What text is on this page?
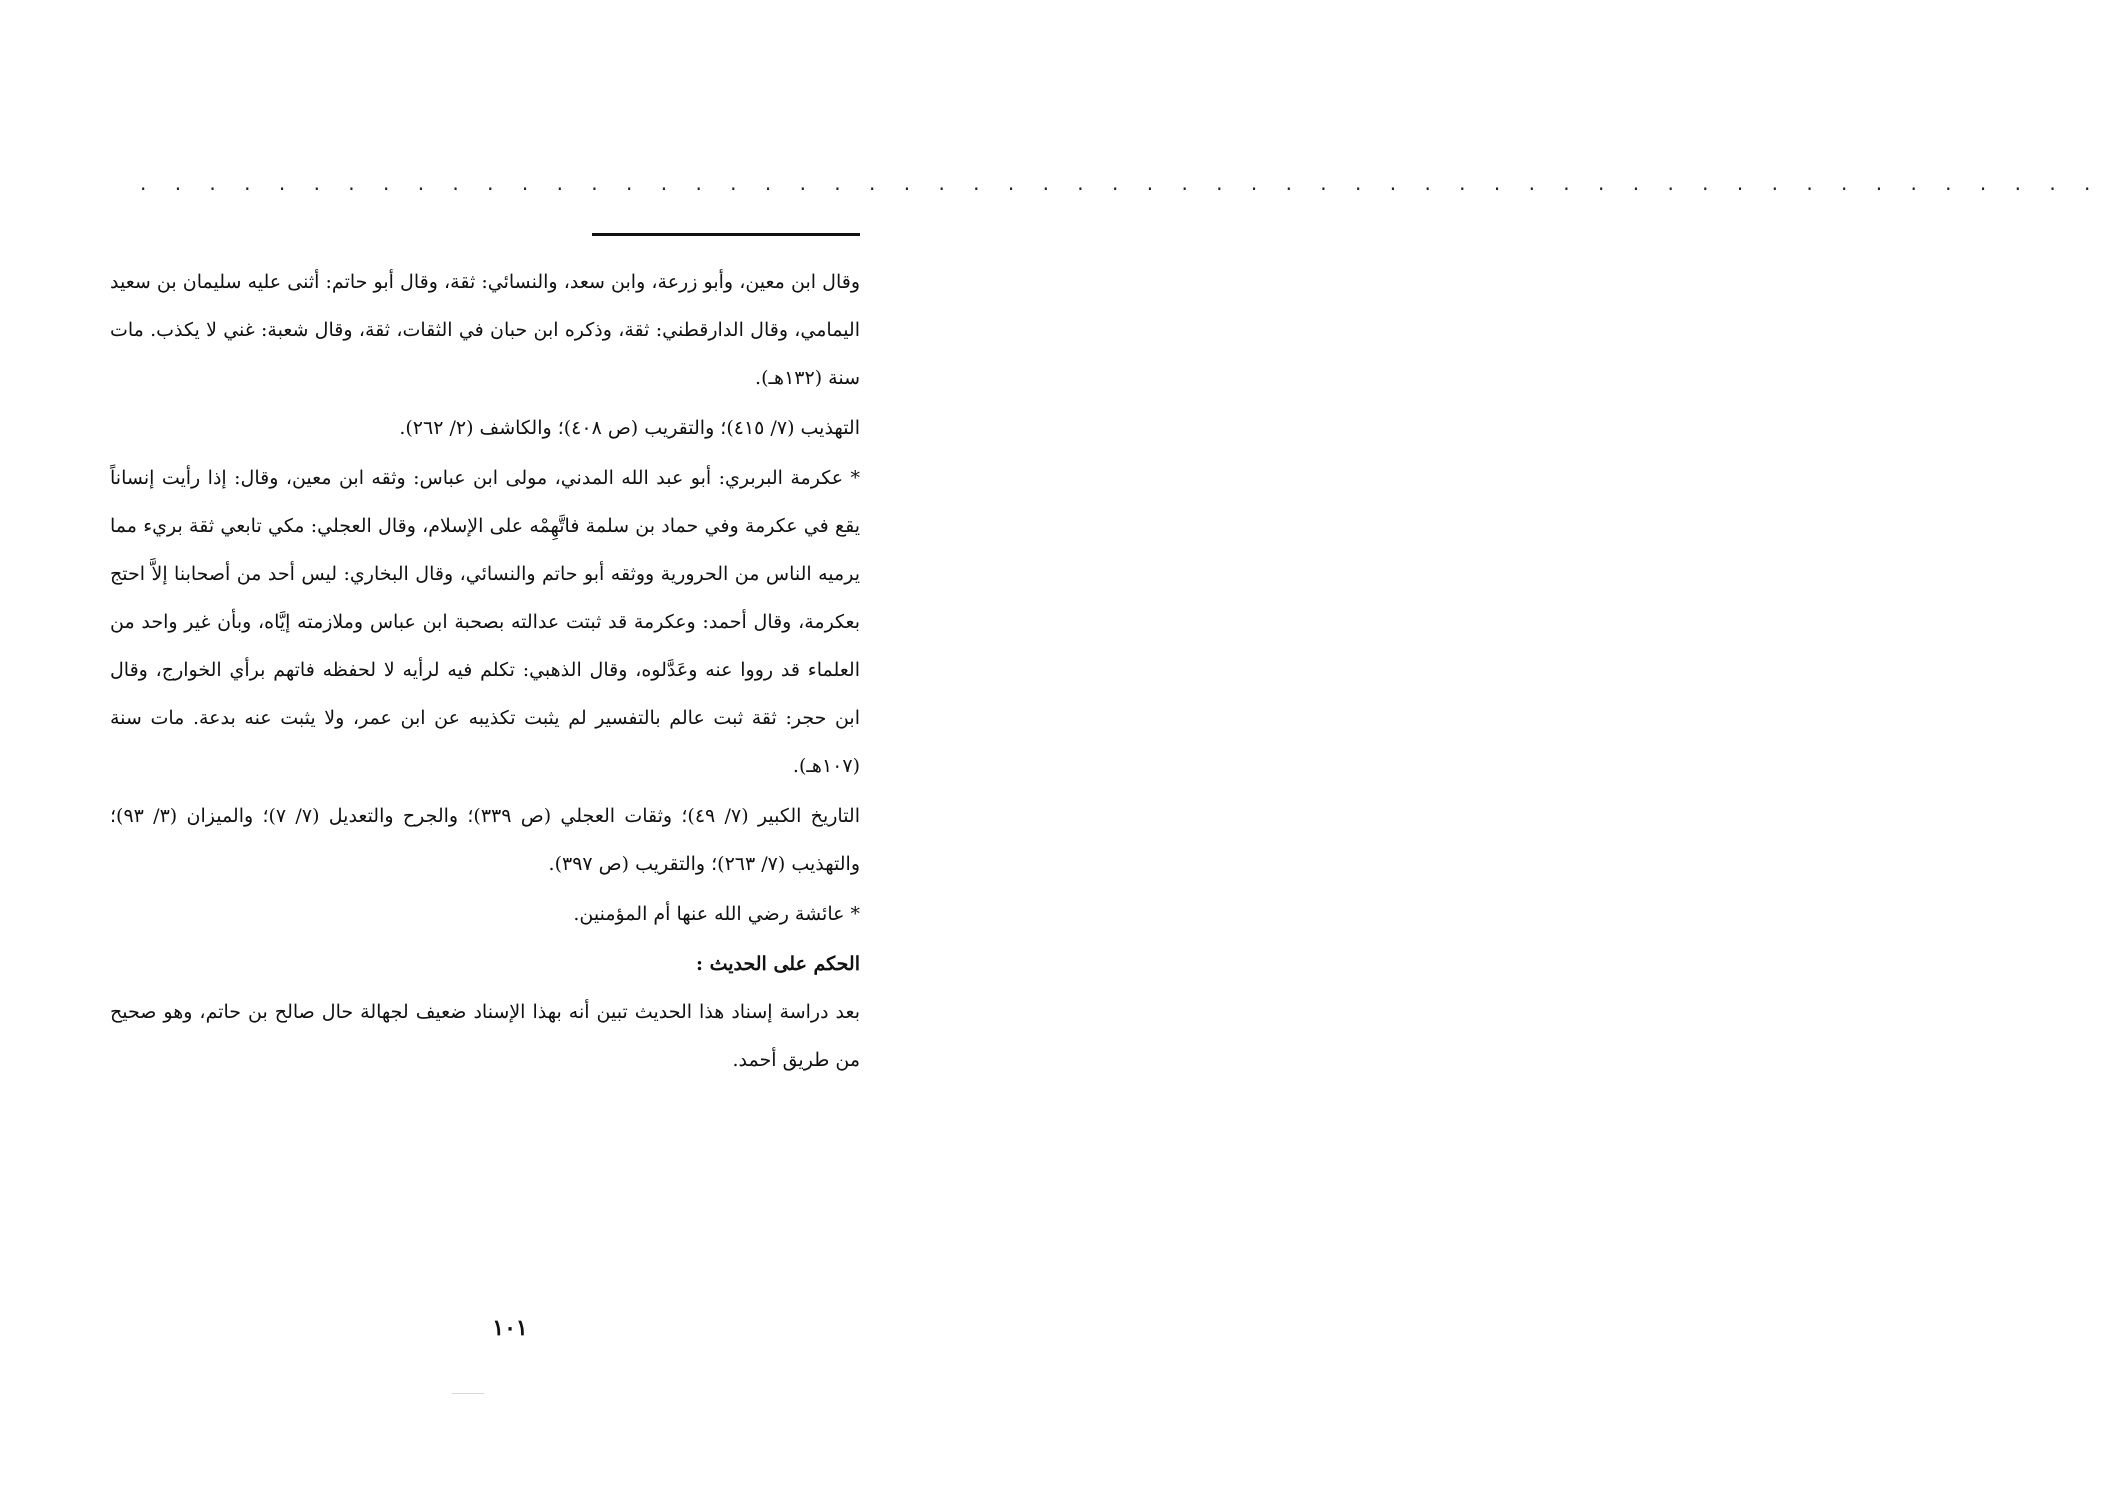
. . . . . . . . . . . . . . . . . . . . . . . . . . . . . . . . . . . . . . . . . . . . . . . . . . . . . . . . .

وقال ابن معين، وأبو زرعة، وابن سعد، والنسائي: ثقة، وقال أبو حاتم: أثنى عليه سليمان بن سعيد اليمامي، وقال الدارقطني: ثقة، وذكره ابن حبان في الثقات، ثقة، وقال شعبة: غني لا يكذب. مات سنة (١٣٢هـ).

التهذيب (٧/ ٤١٥)؛ والتقريب (ص ٤٠٨)؛ والكاشف (٢/ ٢٦٢).

* عكرمة البربري: أبو عبد الله المدني، مولى ابن عباس: وثقه ابن معين، وقال: إذا رأيت إنساناً يقع في عكرمة وفي حماد بن سلمة فاتَّهِمْه على الإسلام، وقال العجلي: مكي تابعي ثقة بريء مما يرميه الناس من الحرورية ووثقه أبو حاتم والنسائي، وقال البخاري: ليس أحد من أصحابنا إلاَّ احتج بعكرمة، وقال أحمد: وعكرمة قد ثبتت عدالته بصحبة ابن عباس وملازمته إيَّاه، وبأن غير واحد من العلماء قد رووا عنه وعَدَّلوه، وقال الذهبي: تكلم فيه لرأيه لا لحفظه فاتهم برأي الخوارج، وقال ابن حجر: ثقة ثبت عالم بالتفسير لم يثبت تكذيبه عن ابن عمر، ولا يثبت عنه بدعة. مات سنة (١٠٧هـ).

التاريخ الكبير (٧/ ٤٩)؛ وثقات العجلي (ص ٣٣٩)؛ والجرح والتعديل (٧/ ٧)؛ والميزان (٣/ ٩٣)؛ والتهذيب (٧/ ٢٦٣)؛ والتقريب (ص ٣٩٧).

* عائشة رضي الله عنها أم المؤمنين.

الحكم على الحديث :

بعد دراسة إسناد هذا الحديث تبين أنه بهذا الإسناد ضعيف لجهالة حال صالح بن حاتم، وهو صحيح من طريق أحمد.

١٠١
